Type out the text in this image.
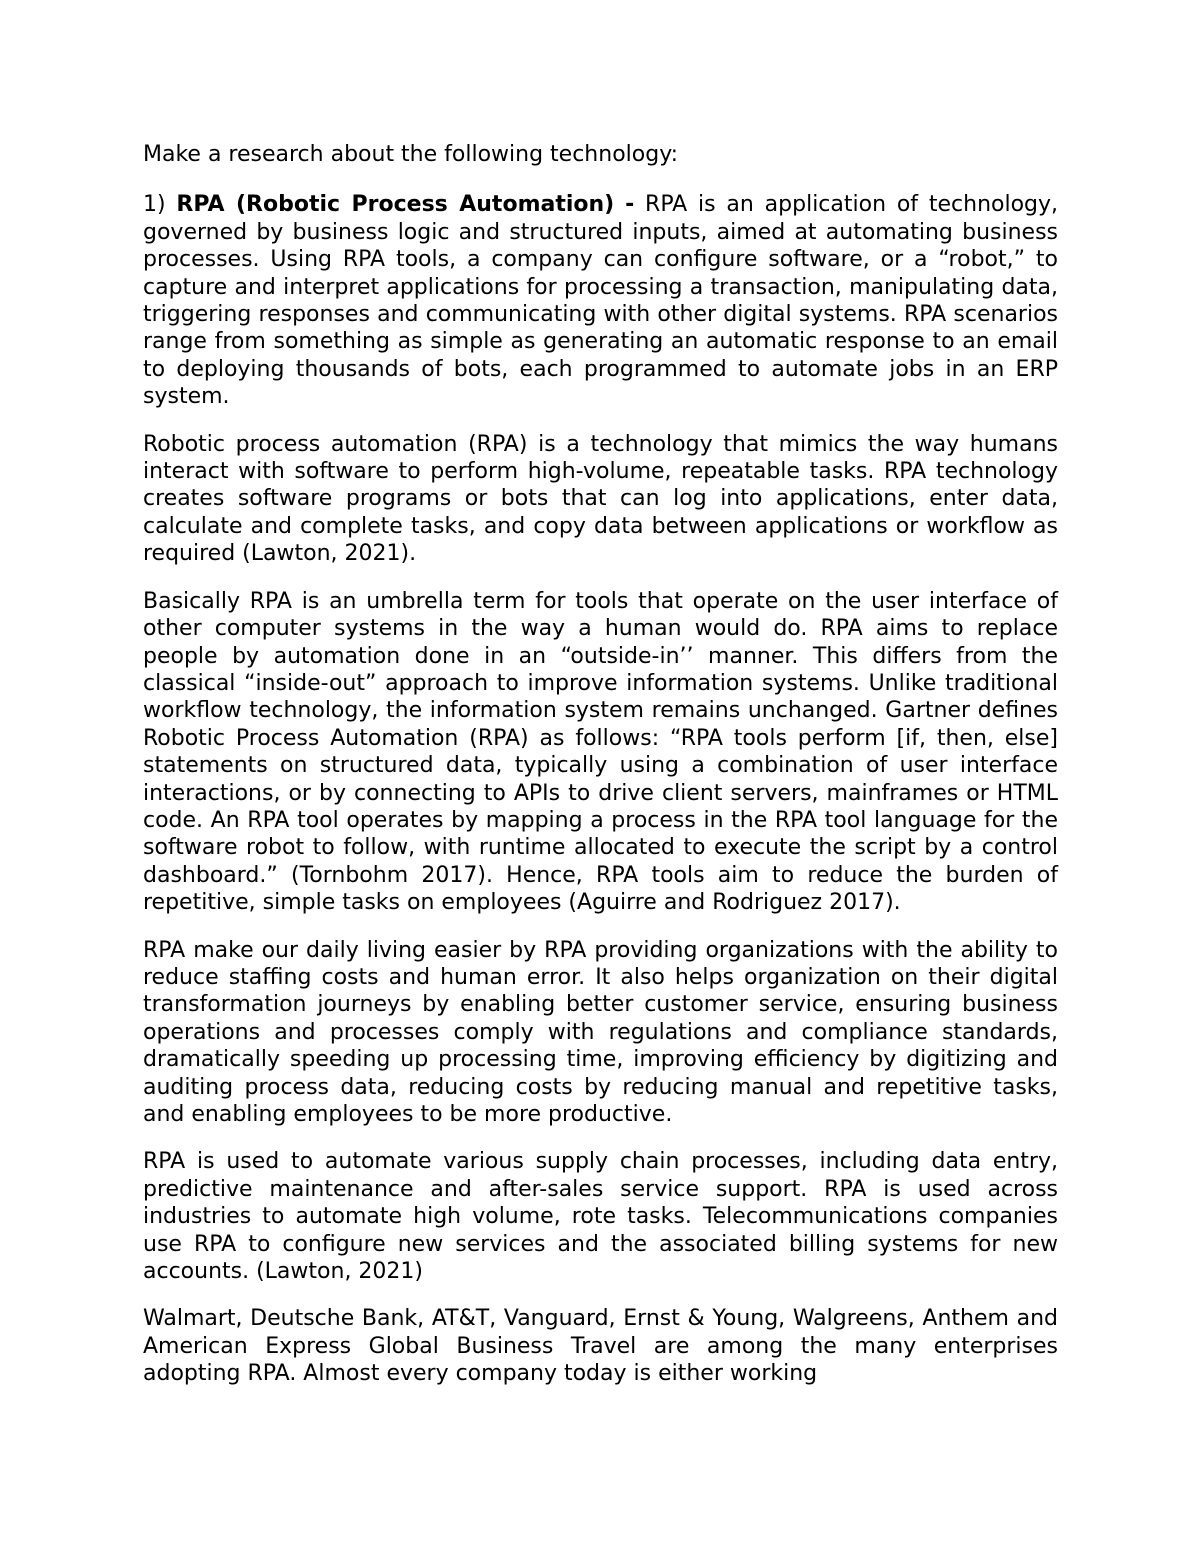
Make a research about the following technology:

1) RPA (Robotic Process Automation) - RPA is an application of technology, governed by business logic and structured inputs, aimed at automating business processes. Using RPA tools, a company can configure software, or a “robot,” to capture and interpret applications for processing a transaction, manipulating data, triggering responses and communicating with other digital systems. RPA scenarios range from something as simple as generating an automatic response to an email to deploying thousands of bots, each programmed to automate jobs in an ERP system.

Robotic process automation (RPA) is a technology that mimics the way humans interact with software to perform high-volume, repeatable tasks. RPA technology creates software programs or bots that can log into applications, enter data, calculate and complete tasks, and copy data between applications or workflow as required (Lawton, 2021).

Basically RPA is an umbrella term for tools that operate on the user interface of other computer systems in the way a human would do. RPA aims to replace people by automation done in an “outside-in’’ manner. This differs from the classical “inside-out” approach to improve information systems. Unlike traditional workflow technology, the information system remains unchanged. Gartner defines Robotic Process Automation (RPA) as follows: “RPA tools perform [if, then, else] statements on structured data, typically using a combination of user interface interactions, or by connecting to APIs to drive client servers, mainframes or HTML code. An RPA tool operates by mapping a process in the RPA tool language for the software robot to follow, with runtime allocated to execute the script by a control dashboard.” (Tornbohm 2017). Hence, RPA tools aim to reduce the burden of repetitive, simple tasks on employees (Aguirre and Rodriguez 2017).

RPA make our daily living easier by RPA providing organizations with the ability to reduce staffing costs and human error. It also helps organization on their digital transformation journeys by enabling better customer service, ensuring business operations and processes comply with regulations and compliance standards, dramatically speeding up processing time, improving efficiency by digitizing and auditing process data, reducing costs by reducing manual and repetitive tasks, and enabling employees to be more productive.

RPA is used to automate various supply chain processes, including data entry, predictive maintenance and after-sales service support. RPA is used across industries to automate high volume, rote tasks. Telecommunications companies use RPA to configure new services and the associated billing systems for new accounts. (Lawton, 2021)

Walmart, Deutsche Bank, AT&T, Vanguard, Ernst & Young, Walgreens, Anthem and American Express Global Business Travel are among the many enterprises adopting RPA. Almost every company today is either working
